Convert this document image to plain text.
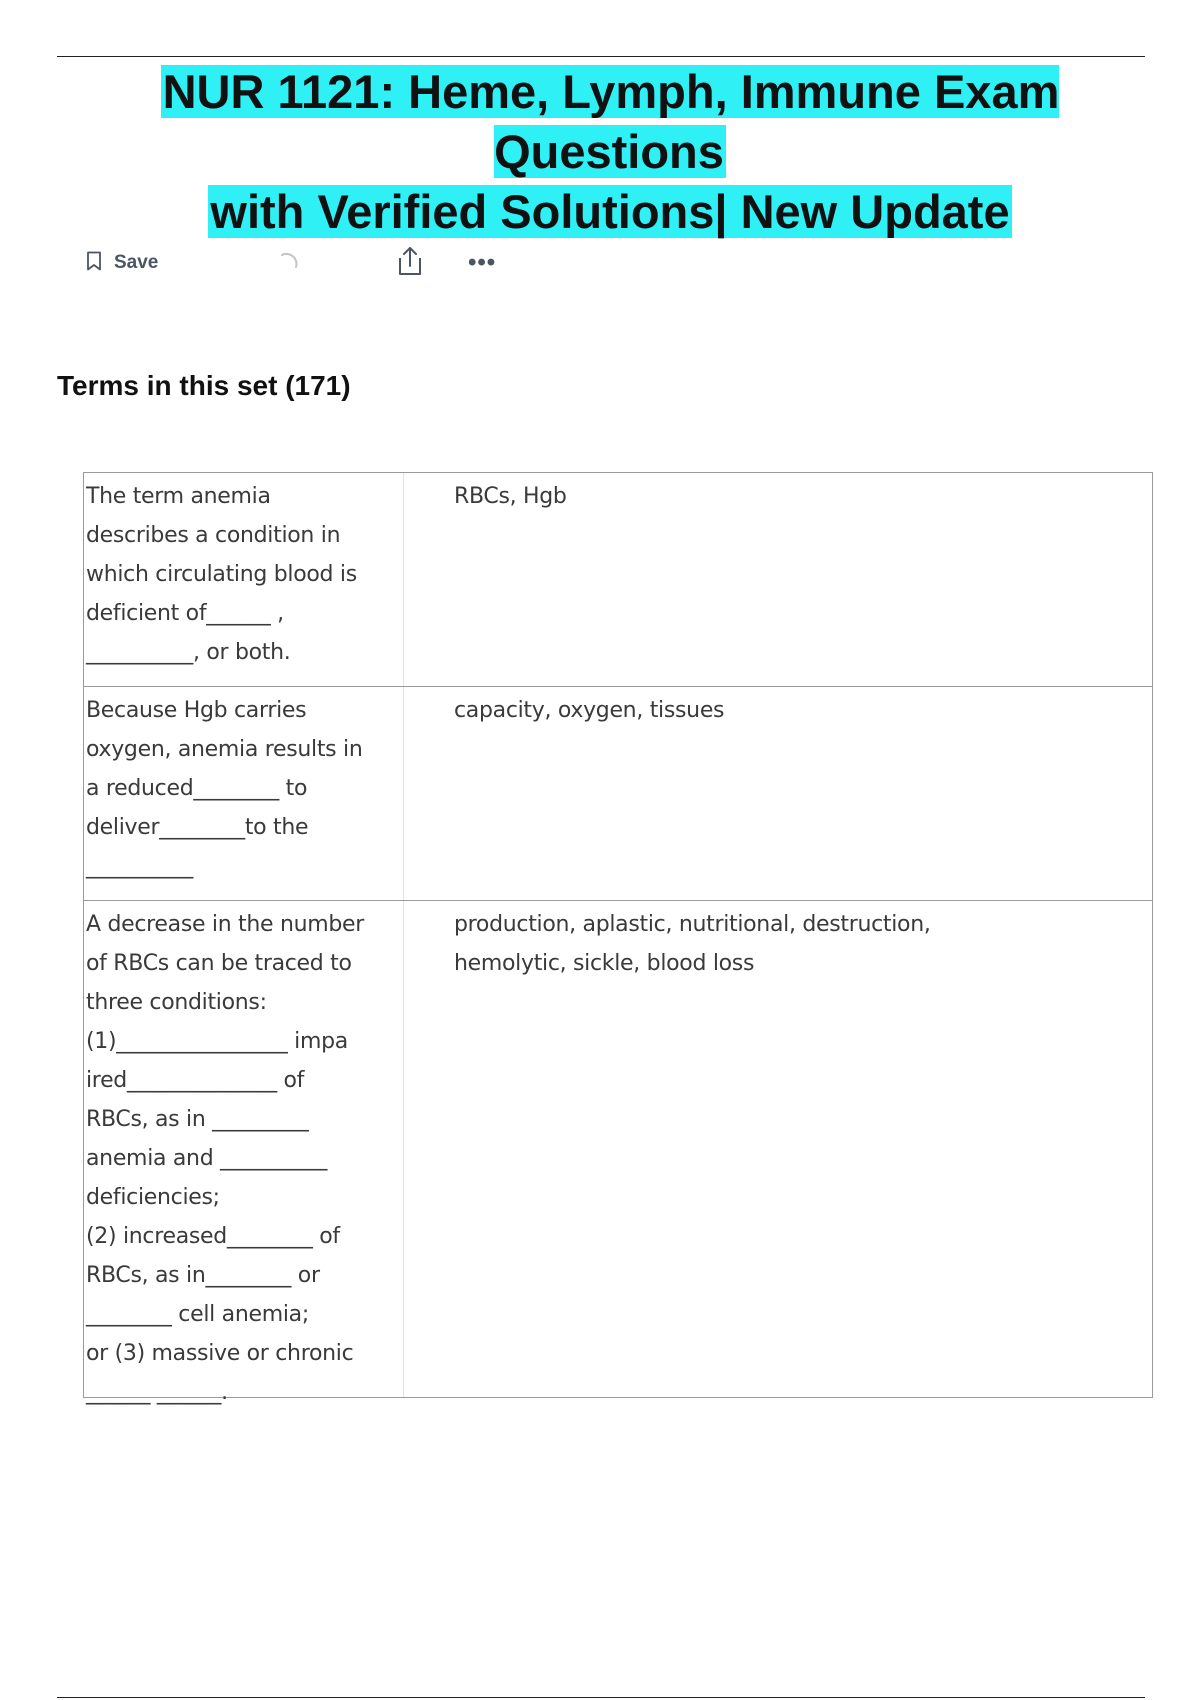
NUR 1121: Heme, Lymph, Immune Exam Questions
with Verified Solutions| New Update
Save	•••
Terms in this set (171)
The term anemia
describes a condition in
which circulating blood is
deficient of______ ,
__________, or both.
RBCs, Hgb
Because Hgb carries
oxygen, anemia results in
a reduced________ to
deliver________to the
__________
capacity, oxygen, tissues
A decrease in the number
of RBCs can be traced to
three conditions:
(1)________________ impa
ired______________ of
RBCs, as in _________
anemia and __________
deficiencies;
(2) increased________ of
RBCs, as in________ or
________ cell anemia;
or (3) massive or chronic
______ ______.
production, aplastic, nutritional, destruction,
hemolytic, sickle, blood loss
